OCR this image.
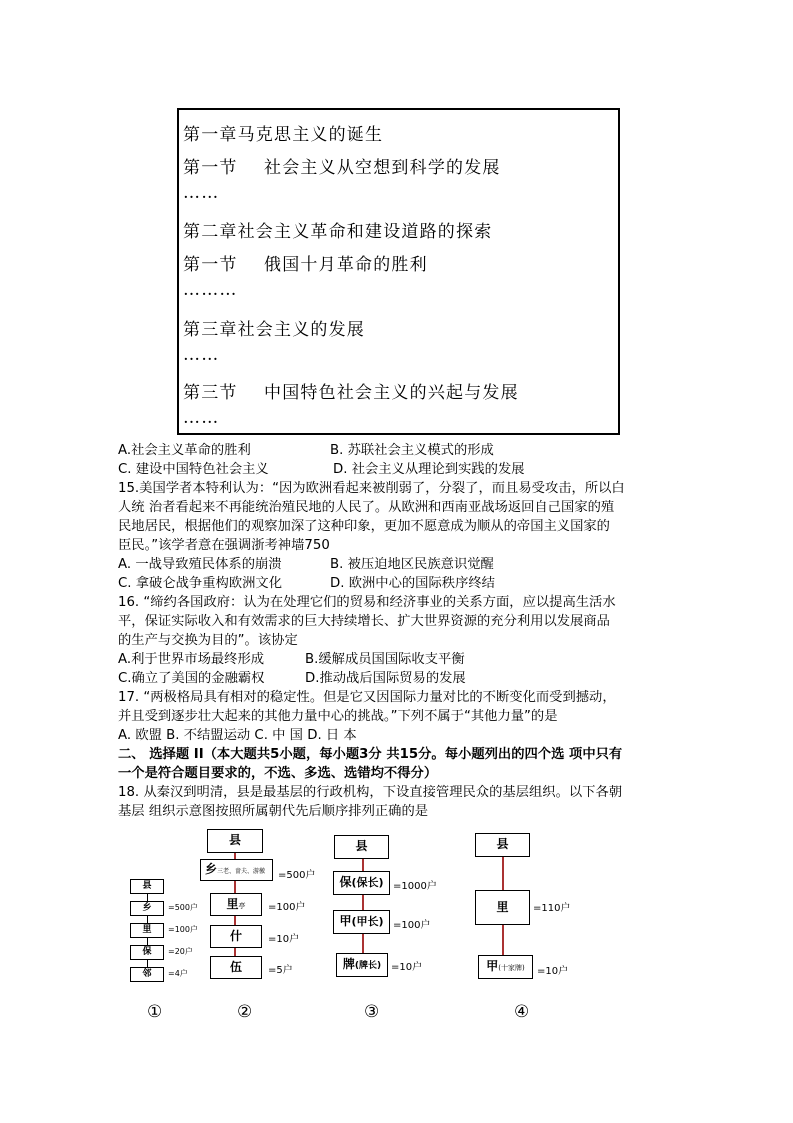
第一章马克思主义的诞生
第一节    社会主义从空想到科学的发展
……
第二章社会主义革命和建设道路的探索
第一节    俄国十月革命的胜利
………
第三章社会主义的发展
……
第三节    中国特色社会主义的兴起与发展
……
A.社会主义革命的胜利	B. 苏联社会主义模式的形成
C. 建设中国特色社会主义	D. 社会主义从理论到实践的发展
15.美国学者本特利认为：“因为欧洲看起来被削弱了，分裂了，而且易受攻击，所以白
人统 治者看起来不再能统治殖民地的人民了。从欧洲和西南亚战场返回自己国家的殖
民地居民，根据他们的观察加深了这种印象，更加不愿意成为顺从的帝国主义国家的
臣民。”该学者意在强调浙考神墙750
A. 一战导致殖民体系的崩溃	B. 被压迫地区民族意识觉醒
C. 拿破仑战争重构欧洲文化	D. 欧洲中心的国际秩序终结
16. “缔约各国政府：认为在处理它们的贸易和经济事业的关系方面，应以提高生活水
平，保证实际收入和有效需求的巨大持续增长、扩大世界资源的充分利用以发展商品
的生产与交换为目的”。该协定
A.利于世界市场最终形成	B.缓解成员国国际收支平衡
C.确立了美国的金融霸权	D.推动战后国际贸易的发展
17. “两极格局具有相对的稳定性。但是它又因国际力量对比的不断变化而受到撼动，
并且受到逐步壮大起来的其他力量中心的挑战。”下列不属于“其他力量”的是
A. 欧盟 B. 不结盟运动 C. 中 国 D. 日 本
二、 选择题 II（本大题共5小题，每小题3分 共15分。每小题列出的四个选 项中只有
一个是符合题目要求的，不选、多选、选错均不得分）
18. 从秦汉到明清，县是最基层的行政机构，下设直接管理民众的基层组织。以下各朝
基层 组织示意图按照所属朝代先后顺序排列正确的是
县
乡
里
保
邻
=500户
=100户
=20户
=4户
①
县
乡三老、啬夫、游徼
里亭
什
伍
=500户
=100户
=10户
=5户
②
县
保(保长)
甲(甲长)
牌(牌长)
=1000户
=100户
=10户
③
县
里
甲(十家牌)
=110户
=10户
④
